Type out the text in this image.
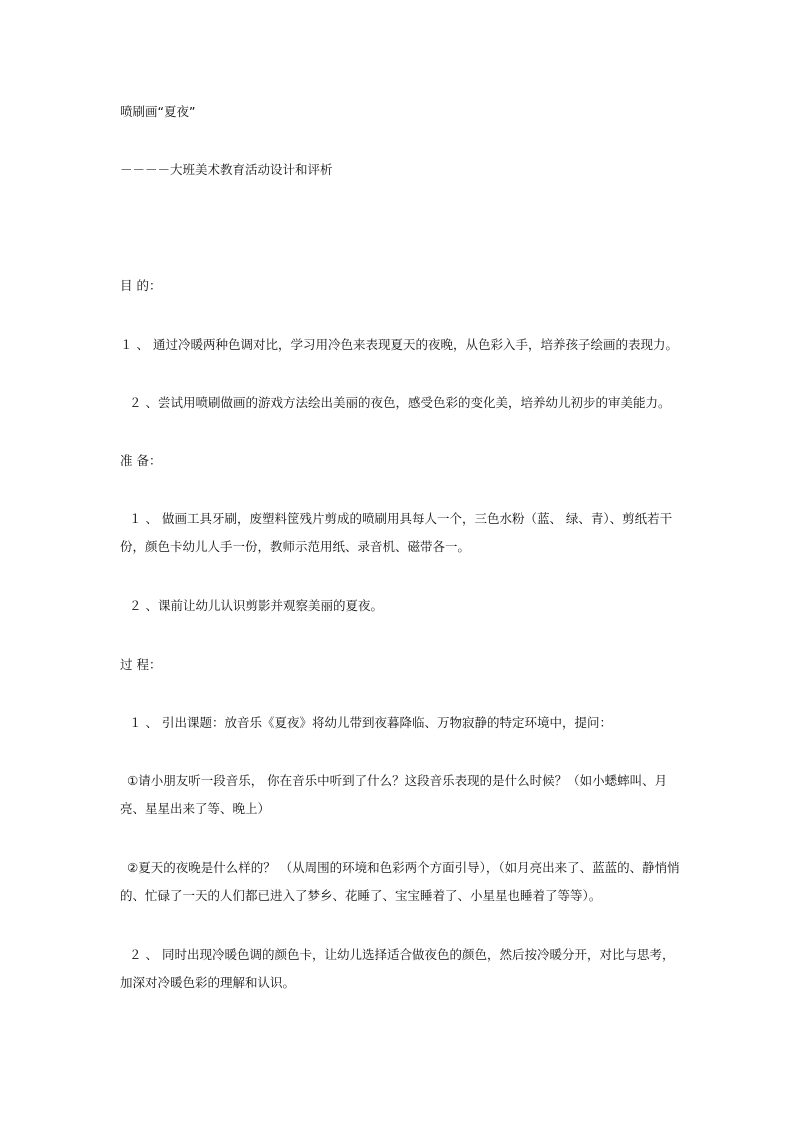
喷刷画“夏夜”
－－－－大班美术教育活动设计和评析
目 的：
１ 、 通过冷暖两种色调对比，学习用冷色来表现夏天的夜晚，从色彩入手，培养孩子绘画的表现力。
２ 、尝试用喷刷做画的游戏方法绘出美丽的夜色，感受色彩的变化美，培养幼儿初步的审美能力。
准 备：
１ 、 做画工具牙刷，废塑料筐残片剪成的喷刷用具每人一个，三色水粉（蓝、 绿、青）、剪纸若干份，颜色卡幼儿人手一份，教师示范用纸、录音机、磁带各一。
２ 、课前让幼儿认识剪影并观察美丽的夏夜。
过 程：
１ 、 引出课题：放音乐《夏夜》将幼儿带到夜暮降临、万物寂静的特定环境中，提问：
①请小朋友听一段音乐， 你在音乐中听到了什么？这段音乐表现的是什么时候？（如小蟋蟀叫、月亮、星星出来了等、晚上）
②夏天的夜晚是什么样的？ （从周围的环境和色彩两个方面引导），（如月亮出来了、蓝蓝的、静悄悄的、忙碌了一天的人们都已进入了梦乡、花睡了、宝宝睡着了、小星星也睡着了等等）。
２ 、 同时出现冷暖色调的颜色卡，让幼儿选择适合做夜色的颜色，然后按冷暖分开，对比与思考，加深对冷暖色彩的理解和认识。
